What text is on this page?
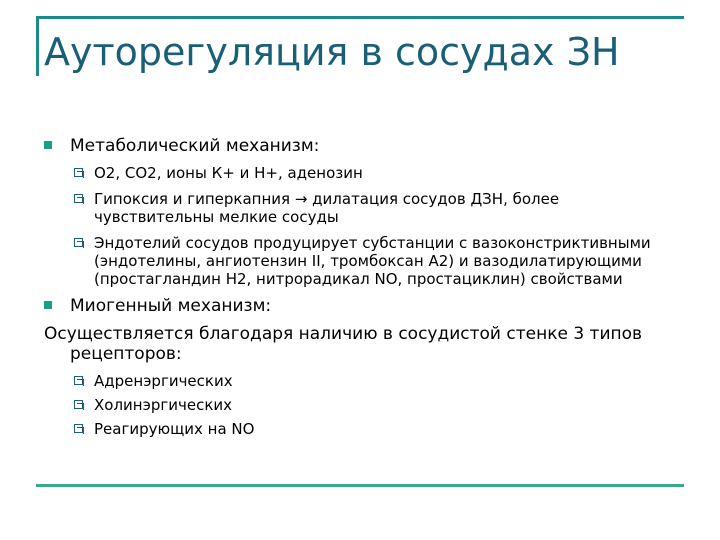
Ауторегуляция в сосудах ЗН
Метаболический механизм:
О2, СО2, ионы К+ и Н+, аденозин
Гипоксия и гиперкапния → дилатация сосудов ДЗН, более чувствительны мелкие сосуды
Эндотелий сосудов продуцирует субстанции с вазоконстриктивными (эндотелины, ангиотензин II, тромбоксан А2) и вазодилатирующими (простагландин Н2, нитрорадикал NO, простациклин) свойствами
Миогенный механизм:
Осуществляется благодаря наличию в сосудистой стенке 3 типов рецепторов:
Адренэргических
Холинэргических
Реагирующих на NO
